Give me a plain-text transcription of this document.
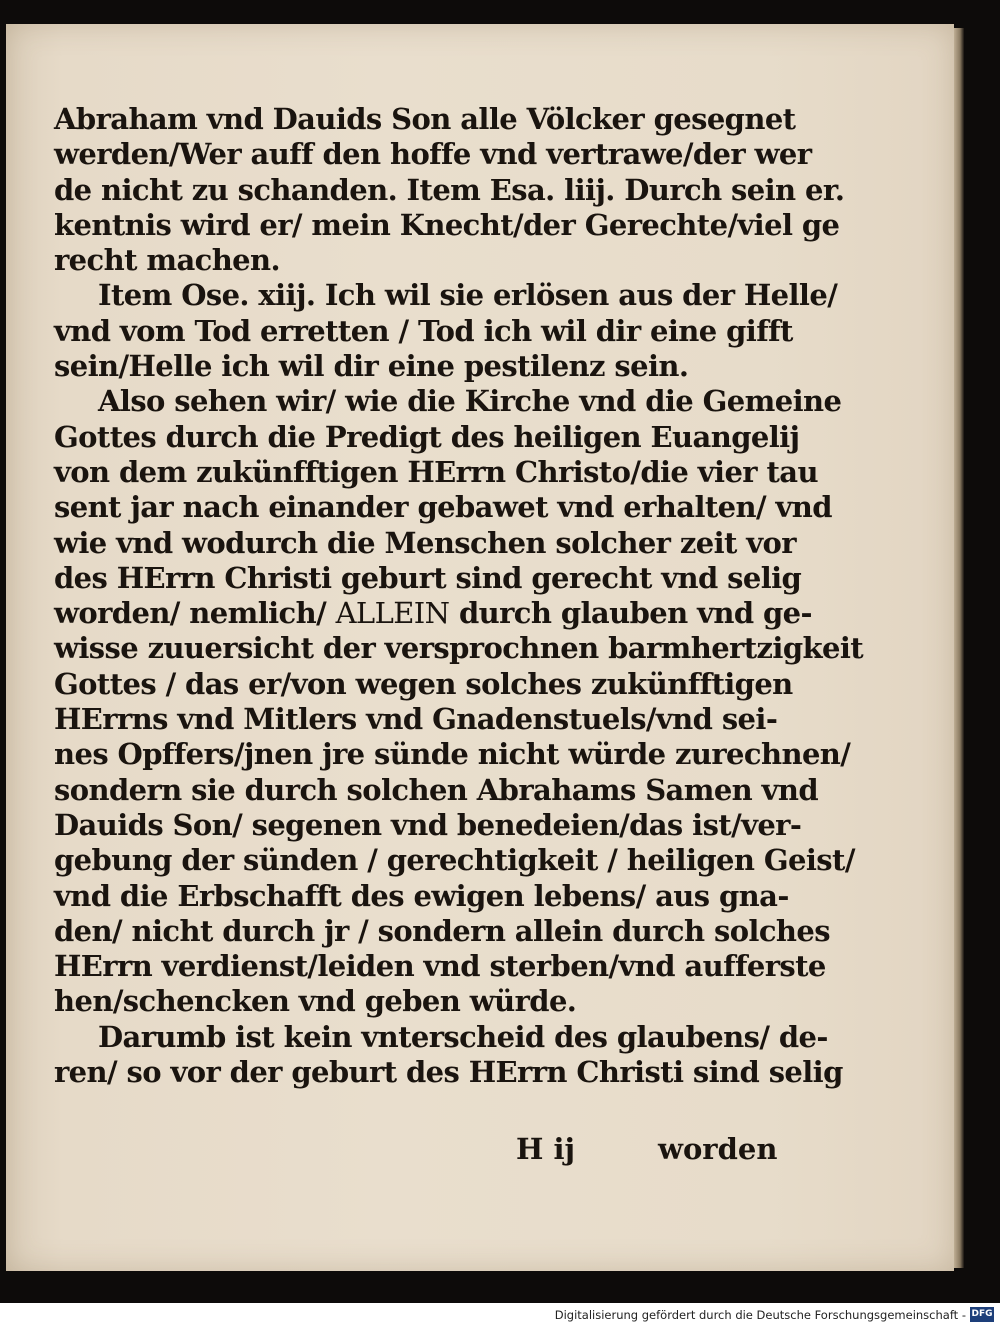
Abraham vnd Dauids Son alle Völcker gesegnet
werden/Wer auff den hoffe vnd vertrawe/der wer
de nicht zu schanden. Item Esa. liij. Durch sein er.
kentnis wird er/ mein Knecht/der Gerechte/viel ge
recht machen.
Item Ose. xiij. Ich wil sie erlösen aus der Helle/
vnd vom Tod erretten / Tod ich wil dir eine gifft
sein/Helle ich wil dir eine pestilenz sein.
Also sehen wir/ wie die Kirche vnd die Gemeine
Gottes durch die Predigt des heiligen Euangelij
von dem zukünfftigen HErrn Christo/die vier tau
sent jar nach einander gebawet vnd erhalten/ vnd
wie vnd wodurch die Menschen solcher zeit vor
des HErrn Christi geburt sind gerecht vnd selig
worden/ nemlich/ ALLEIN durch glauben vnd ge-
wisse zuuersicht der versprochnen barmhertzigkeit
Gottes / das er/von wegen solches zukünfftigen
HErrns vnd Mitlers vnd Gnadenstuels/vnd sei-
nes Opffers/jnen jre sünde nicht würde zurechnen/
sondern sie durch solchen Abrahams Samen vnd
Dauids Son/ segenen vnd benedeien/das ist/ver-
gebung der sünden / gerechtigkeit / heiligen Geist/
vnd die Erbschafft des ewigen lebens/ aus gna-
den/ nicht durch jr / sondern allein durch solches
HErrn verdienst/leiden vnd sterben/vnd aufferste
hen/schencken vnd geben würde.
Darumb ist kein vnterscheid des glaubens/ de-
ren/ so vor der geburt des HErrn Christi sind selig
H ij	worden
Digitalisierung gefördert durch die Deutsche Forschungsgemeinschaft - DFG
